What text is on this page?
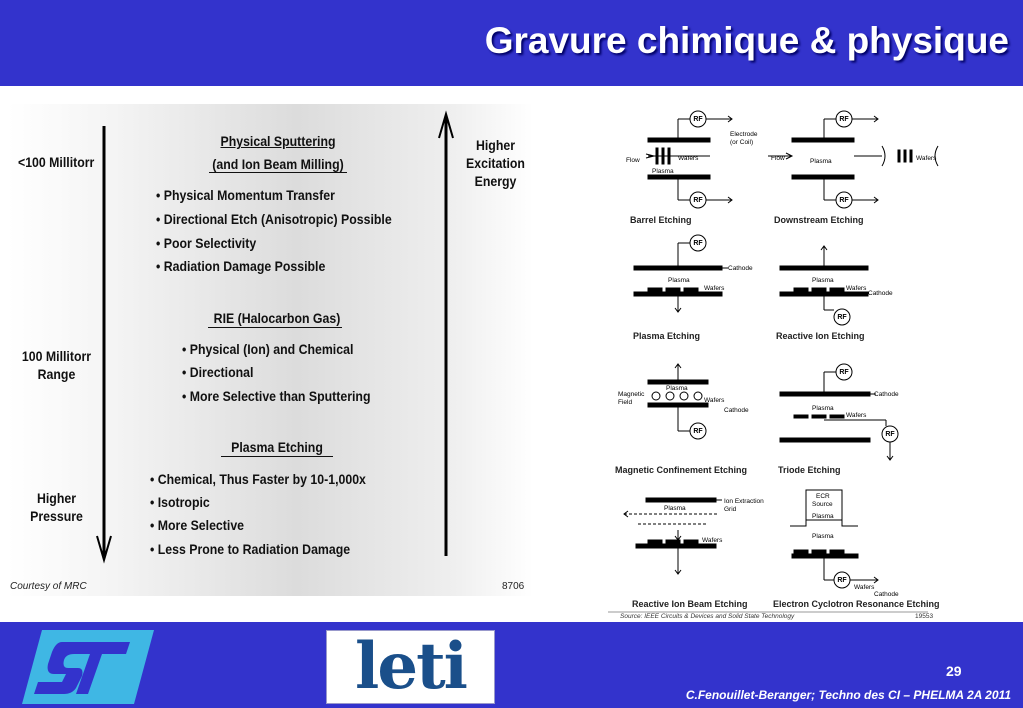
Gravure chimique & physique
<100 Millitorr
100 Millitorr
Range
Higher
Pressure
Higher
Excitation
Energy
Physical Sputtering
(and Ion Beam Milling)
• Physical Momentum Transfer
• Directional Etch (Anisotropic) Possible
• Poor Selectivity
• Radiation Damage Possible
RIE (Halocarbon Gas)
• Physical (Ion) and Chemical
• Directional
• More Selective than Sputtering
Plasma Etching
• Chemical, Thus Faster by 10-1,000x
• Isotropic
• More Selective
• Less Prone to Radiation Damage
Courtesy of MRC	8706
RF
RF
RF
RF
RF
RF
RF
RF
RF
RF
Electrode
(or Coil)
Flow	Wafers
Plasma
Flow	Plasma	Wafers
Cathode
Plasma
Wafers
Plasma
Wafers
Cathode
Magnetic
Field
Plasma
Wafers
Cathode
Cathode
Plasma
Wafers
Ion Extraction
Grid
Plasma
Wafers
ECR
Source
Plasma
Plasma
Wafers
Cathode
Barrel Etching	Downstream Etching
Plasma Etching	Reactive Ion Etching
Magnetic Confinement Etching	Triode Etching
Reactive Ion Beam Etching	Electron Cyclotron Resonance Etching
Source: IEEE Circuits & Devices and Solid State Technology	19553
leti	29
C.Fenouillet-Beranger; Techno des CI – PHELMA 2A 2011
